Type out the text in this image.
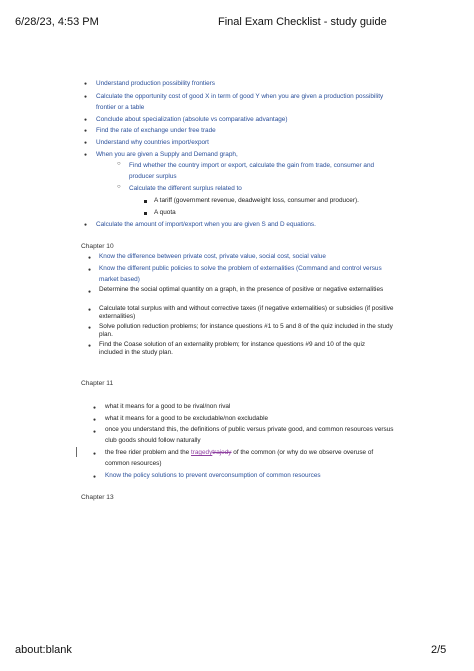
6/28/23, 4:53 PM	Final Exam Checklist - study guide
● Understand production possibility frontiers
● Calculate the opportunity cost of good X in term of good Y when you are given a production possibility frontier or a table
● Conclude about specialization (absolute vs comparative advantage)
● Find the rate of exchange under free trade
● Understand why countries import/export
● When you are given a Supply and Demand graph,
○ Find whether the country import or export, calculate the gain from trade, consumer and producer surplus
○ Calculate the different surplus related to
A tariff (government revenue, deadweight loss, consumer and producer).
A quota
● Calculate the amount of import/export when you are given S and D equations.
Chapter 10
● Know the difference between private cost, private value, social cost, social value
● Know the different public policies to solve the problem of externalities (Command and control versus market based)
● Determine the social optimal quantity on a graph, in the presence of positive or negative externalities
● Calculate total surplus with and without corrective taxes (if negative externalities) or subsidies (if positive externalities)
● Solve pollution reduction problems; for instance questions #1 to 5 and 8 of the quiz included in the study plan.
● Find the Coase solution of an externality problem; for instance questions #9 and 10 of the quiz included in the study plan.
Chapter 11
● what it means for a good to be rival/non rival
● what it means for a good to be excludable/non excludable
● once you understand this, the definitions of public versus private good, and common resources versus club goods should follow naturally
● the free rider problem and the tragedytrajedy of the common (or why do we observe overuse of common resources)
● Know the policy solutions to prevent overconsumption of common resources
Chapter 13
about:blank	2/5
